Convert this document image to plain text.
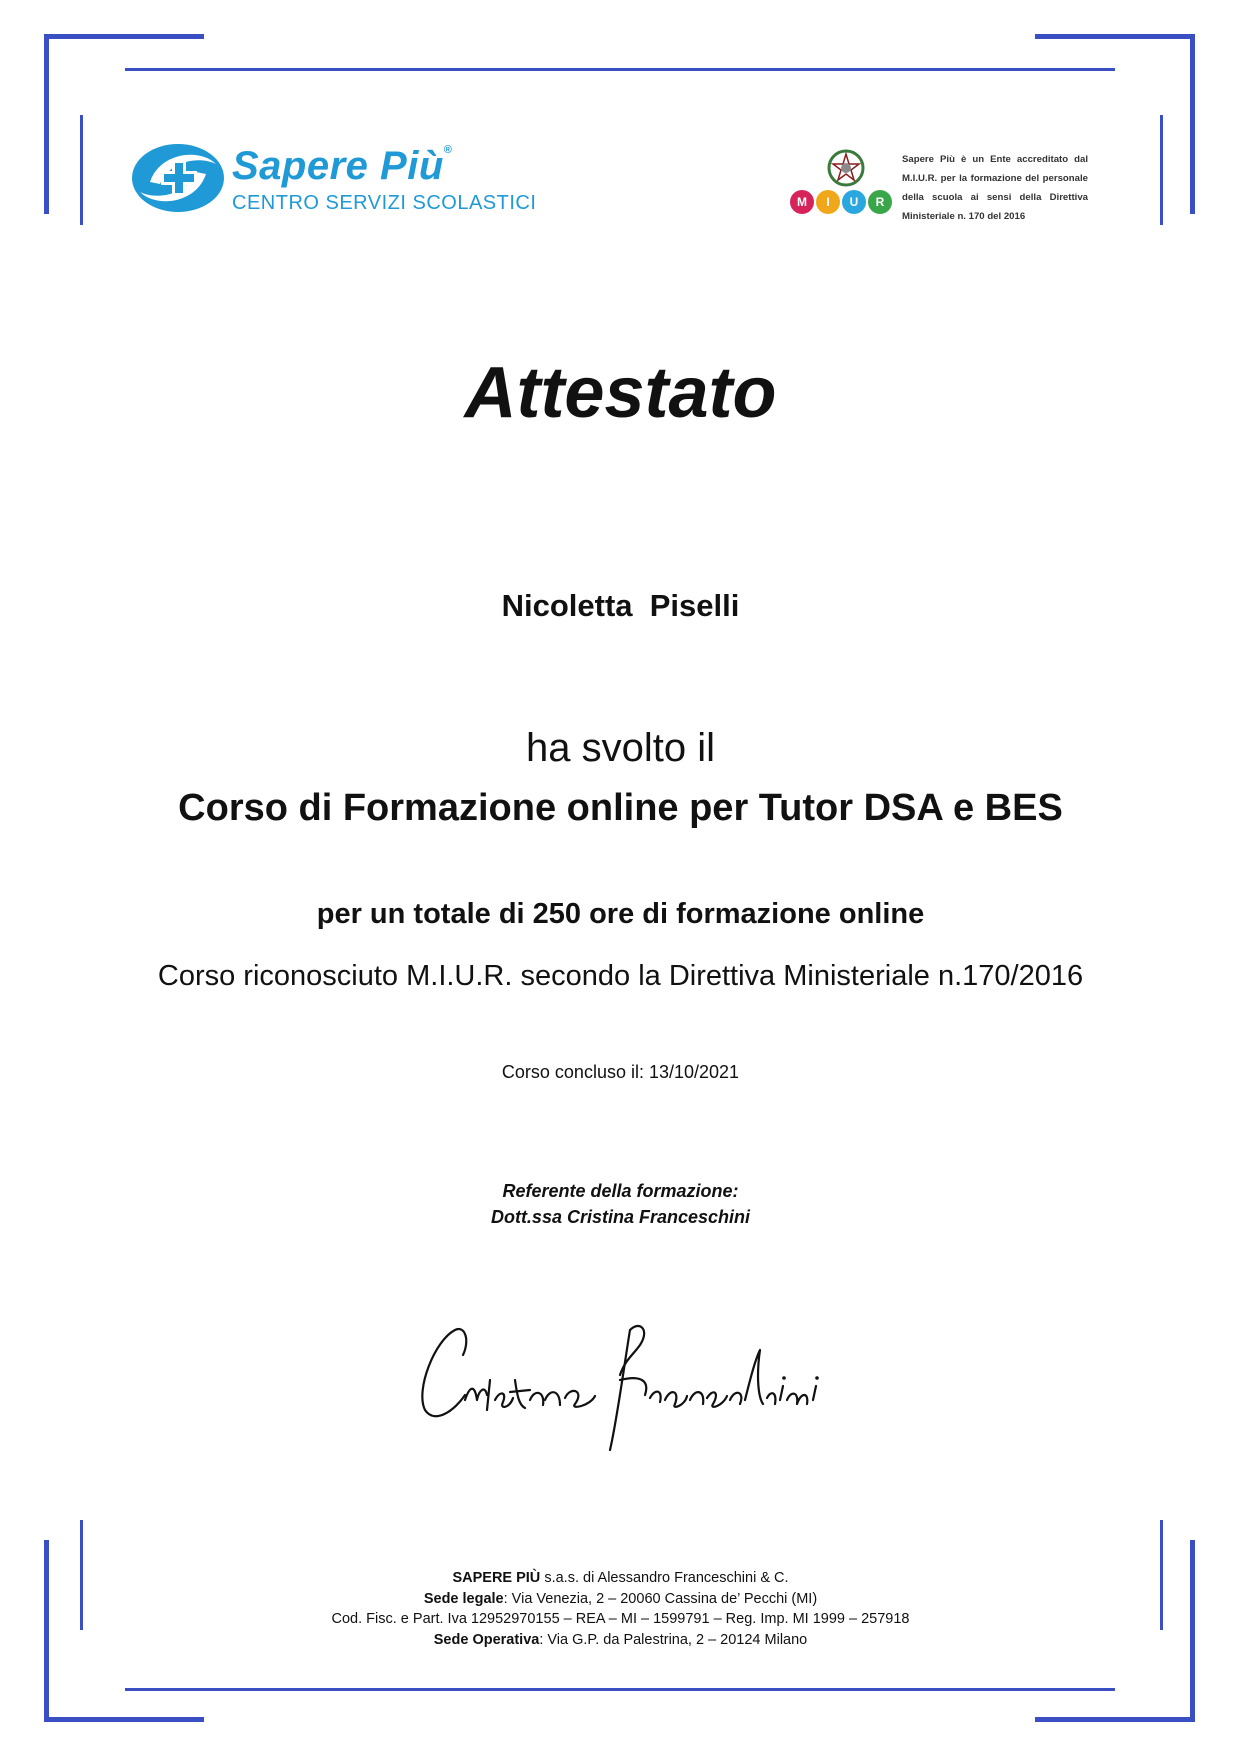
Sapere Più®
CENTRO SERVIZI SCOLASTICI	M	I	U	R
Sapere Più è un Ente accreditato dal M.I.U.R. per la formazione del personale della scuola ai sensi della Direttiva Ministeriale n. 170 del 2016
Attestato
Nicoletta  Piselli
ha svolto il
Corso di Formazione online per Tutor DSA e BES
per un totale di 250 ore di formazione online
Corso riconosciuto M.I.U.R. secondo la Direttiva Ministeriale n.170/2016
Corso concluso il: 13/10/2021
Referente della formazione:
Dott.ssa Cristina Franceschini
SAPERE PIÙ s.a.s. di Alessandro Franceschini & C.
Sede legale: Via Venezia, 2 – 20060 Cassina de’ Pecchi (MI)
Cod. Fisc. e Part. Iva 12952970155 – REA – MI – 1599791 – Reg. Imp. MI 1999 – 257918
Sede Operativa: Via G.P. da Palestrina, 2 – 20124 Milano
